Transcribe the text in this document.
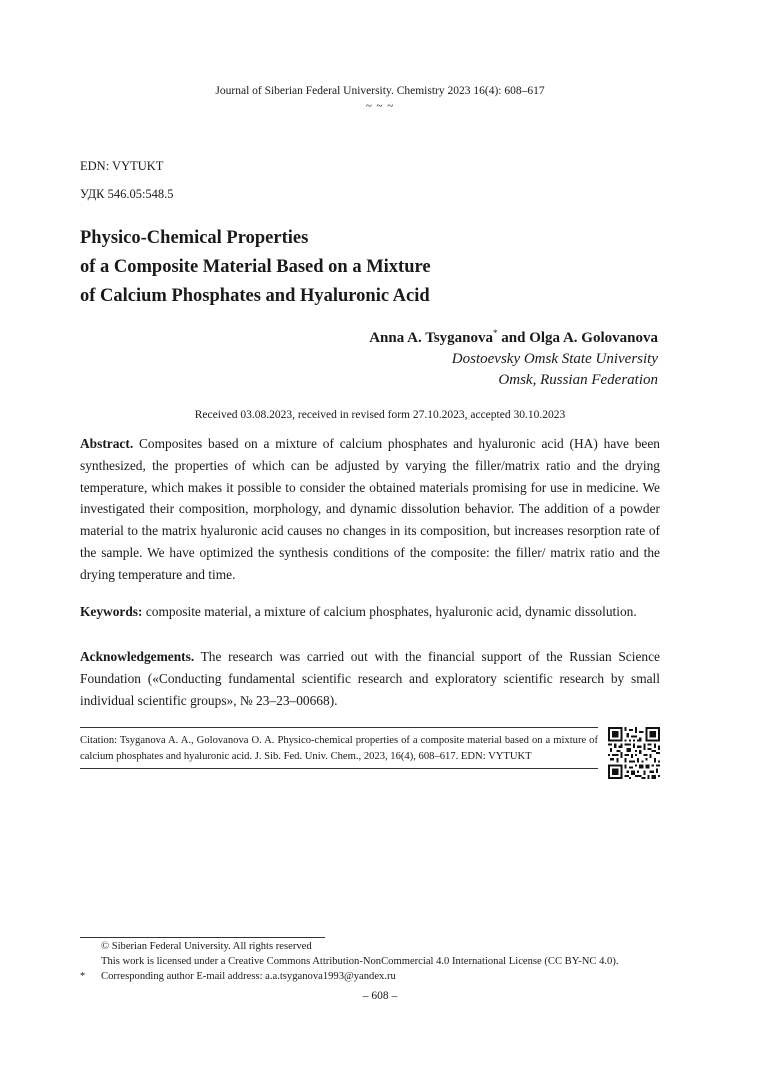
Journal of Siberian Federal University. Chemistry 2023 16(4): 608–617
~ ~ ~
EDN: VYTUKT
УДК 546.05:548.5
Physico-Chemical Properties
of a Composite Material Based on a Mixture
of Calcium Phosphates and Hyaluronic Acid
Anna A. Tsyganova* and Olga A. Golovanova
Dostoevsky Omsk State University
Omsk, Russian Federation
Received 03.08.2023, received in revised form 27.10.2023, accepted 30.10.2023
Abstract. Composites based on a mixture of calcium phosphates and hyaluronic acid (HA) have been synthesized, the properties of which can be adjusted by varying the filler/matrix ratio and the drying temperature, which makes it possible to consider the obtained materials promising for use in medicine. We investigated their composition, morphology, and dynamic dissolution behavior. The addition of a powder material to the matrix hyaluronic acid causes no changes in its composition, but increases resorption rate of the sample. We have optimized the synthesis conditions of the composite: the filler/ matrix ratio and the drying temperature and time.
Keywords: composite material, a mixture of calcium phosphates, hyaluronic acid, dynamic dissolution.
Acknowledgements. The research was carried out with the financial support of the Russian Science Foundation («Conducting fundamental scientific research and exploratory scientific research by small individual scientific groups», № 23–23–00668).
Citation: Tsyganova A. A., Golovanova O. A. Physico-chemical properties of a composite material based on a mixture of calcium phosphates and hyaluronic acid. J. Sib. Fed. Univ. Chem., 2023, 16(4), 608–617. EDN: VYTUKT
© Siberian Federal University. All rights reserved
This work is licensed under a Creative Commons Attribution-NonCommercial 4.0 International License (CC BY-NC 4.0).
* Corresponding author E-mail address: a.a.tsyganova1993@yandex.ru
– 608 –
